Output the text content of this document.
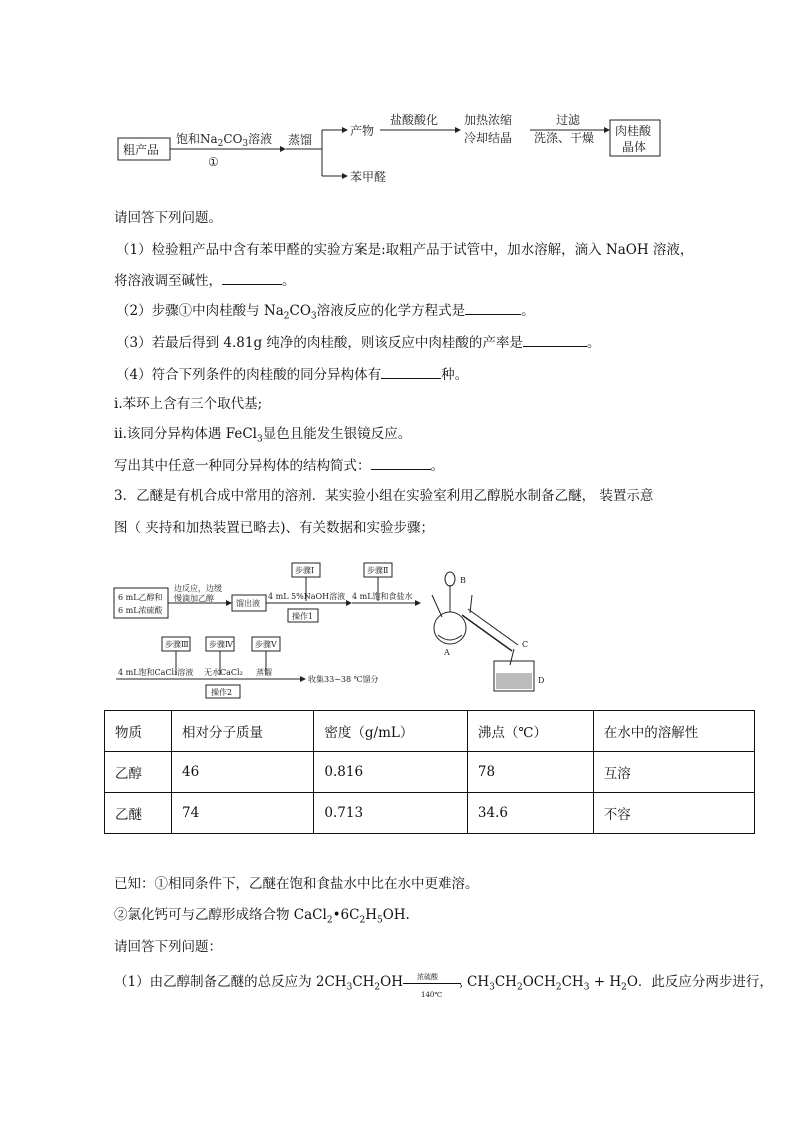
粗产品
饱和$Na_2CO_3$溶液
①
蒸馏
产物
苯甲醛
盐酸酸化 加热浓缩
冷却结晶
过滤
洗涤、干燥 肉桂酸
晶体
请回答下列问题。
（1）检验粗产品中含有苯甲醛的实验方案是:取粗产品于试管中，加水溶解，滴入 NaOH 溶液，
将溶液调至碱性，	。
（2）步骤①中肉桂酸与 $Na_2CO_3$溶液反应的化学方程式是	。
（3）若最后得到 4.81g 纯净的肉桂酸，则该反应中肉桂酸的产率是	。
（4）符合下列条件的肉桂酸的同分异构体有	种。
i.苯环上含有三个取代基;
ii.该同分异构体遇 FeCl$_3$显色且能发生银镜反应。
写出其中任意一种同分异构体的结构简式：	。
3．乙醚是有机合成中常用的溶剂．某实验小组在实验室利用乙醇脱水制备乙醚， 装置示意
图（ 夹持和加热装置已略去)、有关数据和实验步骤；
6 mL乙醇和
6 mL浓硫酸
边反应，边缓
慢滴加乙醇
馏出液
步骤Ⅰ
4 mL 5%NaOH溶液
操作1
步骤Ⅱ
4 mL饱和食盐水
A
B
C
D
步骤Ⅲ
4 mL饱和CaCl₂溶液
步骤Ⅳ
无水CaCl₂
步骤Ⅴ
蒸馏
收集33~38 ℃馏分
操作2
物质	相对分子质量	密度（g/mL）	沸点（℃）	在水中的溶解性
乙醇	46	0.816	78	互溶
乙醚	74	0.713	34.6	不容
已知：①相同条件下，乙醚在饱和食盐水中比在水中更难溶。
②氯化钙可与乙醇形成络合物 $CaCl_2•6C_2H_5OH$.
请回答下列问题：
（1）由乙醇制备乙醚的总反应为 $2CH_3CH_2OH$ 浓硫酸
›
140℃
$CH_3CH_2OCH_2CH_3 + H_2O$．此反应分两步进行，
